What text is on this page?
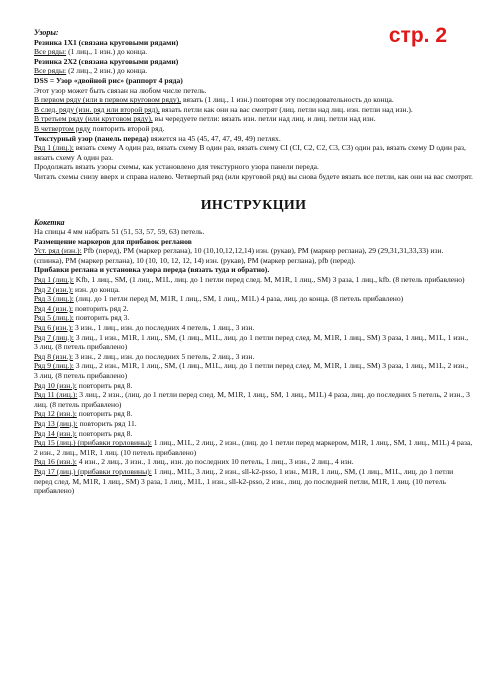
стр. 2

Узоры:

Резинка 1Х1 (связана круговыми рядами)

Все ряды: (1 лиц., 1 изн.) до конца.

Резинка 2Х2 (связана круговыми рядами)

Все ряды: (2 лиц., 2 изн.) до конца.

DSS = Узор «двойной рис» (раппорт 4 ряда)

Этот узор может быть связан на любом числе петель.

В первом ряду (или в первом круговом ряду), вязать (1 лиц., 1 изн.) повторяя эту последовательность до конца.

В след. ряду (изн. ряд или второй ряд), вязать петли как они на вас смотрят (лиц. петли над лиц. изн. петли над изн.).

В третьем ряду (или круговом ряду), вы чередуете петли: вязать изн. петли над лиц. и лиц. петли над изн.

В четвертом ряду повторить второй ряд.

Текстурный узор (панель переда) вяжется на 45 (45, 47, 47, 49, 49) петлях.

Ряд 1 (лиц.): вязать схему A один раз, вязать схему B один раз, вязать схему CI (CI, C2, C2, C3, C3) один раз, вязать схему D один раз, вязать схему A один раз.

Продолжать вязать узоры схемы, как установлено для текстурного узора панели переда.

Читать схемы снизу вверх и справа налево. Четвертый ряд (или круговой ряд) вы снова будете вязать все петли, как они на вас смотрят.

ИНСТРУКЦИИ

Кокетка

На спицы 4 мм набрать 51 (51, 53, 57, 59, 63) петель.

Размещение маркеров для прибавок регланов

Уст. ряд (изн.): Pfb (перед), PM (маркер реглана), 10 (10,10,12,12,14) изн. (рукав), PM (маркер реглана), 29 (29,31,31,33,33) изн. (спинка), PM (маркер реглана), 10 (10, 10, 12, 12, 14) изн. (рукав), PM (маркер реглана), pfb (перед).

Прибавки реглана и установка узора переда (вязать туда и обратно).

Ряд 1 (лиц.): Kfb, 1 лиц., SM, (1 лиц., M1L, лиц. до 1 петли перед след. M, M1R, 1 лиц., SM) 3 раза, 1 лиц., kfb. (8 петель прибавлено)

Ряд 2 (изн.): изн. до конца.

Ряд 3 (лиц.): (лиц. до 1 петли перед M, M1R, 1 лиц., SM, 1 лиц., M1L) 4 раза, лиц. до конца. (8 петель прибавлено)

Ряд 4 (изн.): повторить ряд 2.

Ряд 5 (лиц.): повторить ряд 3.

Ряд 6 (изн.): 3 изн., 1 лиц., изн. до последних 4 петель, 1 лиц., 3 изн.

Ряд 7 (лиц.): 3 лиц., 1 изн., M1R, 1 лиц., SM, (1 лиц., M1L, лиц. до 1 петли перед след. M, M1R, 1 лиц., SM) 3 раза, 1 лиц., M1L, 1 изн., 3 лиц. (8 петель прибавлено)

Ряд 8 (изн.): 3 изн., 2 лиц., изн. до последних 5 петель, 2 лиц., 3 изн.

Ряд 9 (лиц.): 3 лиц., 2 изн., M1R, 1 лиц., SM, (1 лиц., M1L, лиц. до 1 петли перед след. M, M1R, 1 лиц., SM) 3 раза, 1 лиц., M1L, 2 изн., 3 лиц. (8 петель прибавлено)

Ряд 10 (изн.): повторить ряд 8.

Ряд 11 (лиц.): 3 лиц., 2 изн., (лиц. до 1 петли перед след. M, M1R, 1 лиц., SM, 1 лиц., M1L) 4 раза, лиц. до последних 5 петель, 2 изн., 3 лиц. (8 петель прибавлено)

Ряд 12 (изн.): повторить ряд 8.

Ряд 13 (лиц.): повторить ряд 11.

Ряд 14 (изн.): повторить ряд 8.

Ряд 15 (лиц.) (прибавки горловины): 1 лиц., M1L, 2 лиц., 2 изн., (лиц. до 1 петли перед маркером, M1R, 1 лиц., SM, 1 лиц., M1L) 4 раза, 2 изн., 2 лиц., M1R, 1 лиц. (10 петель прибавлено)

Ряд 16 (изн.): 4 изн., 2 лиц., 3 изн., 1 лиц., изн. до последних 10 петель, 1 лиц., 3 изн., 2 лиц., 4 изн.

Ряд 17 (лиц.) (прибавки горловины): 1 лиц., M1L, 3 лиц., 2 изн., sll-k2-psso, 1 изн., M1R, 1 лиц., SM, (1 лиц., M1L, лиц. до 1 петли перед след. M, M1R, 1 лиц., SM) 3 раза, 1 лиц., M1L, 1 изн., sll-k2-psso, 2 изн., лиц. до последней петли, M1R, 1 лиц. (10 петель прибавлено)
